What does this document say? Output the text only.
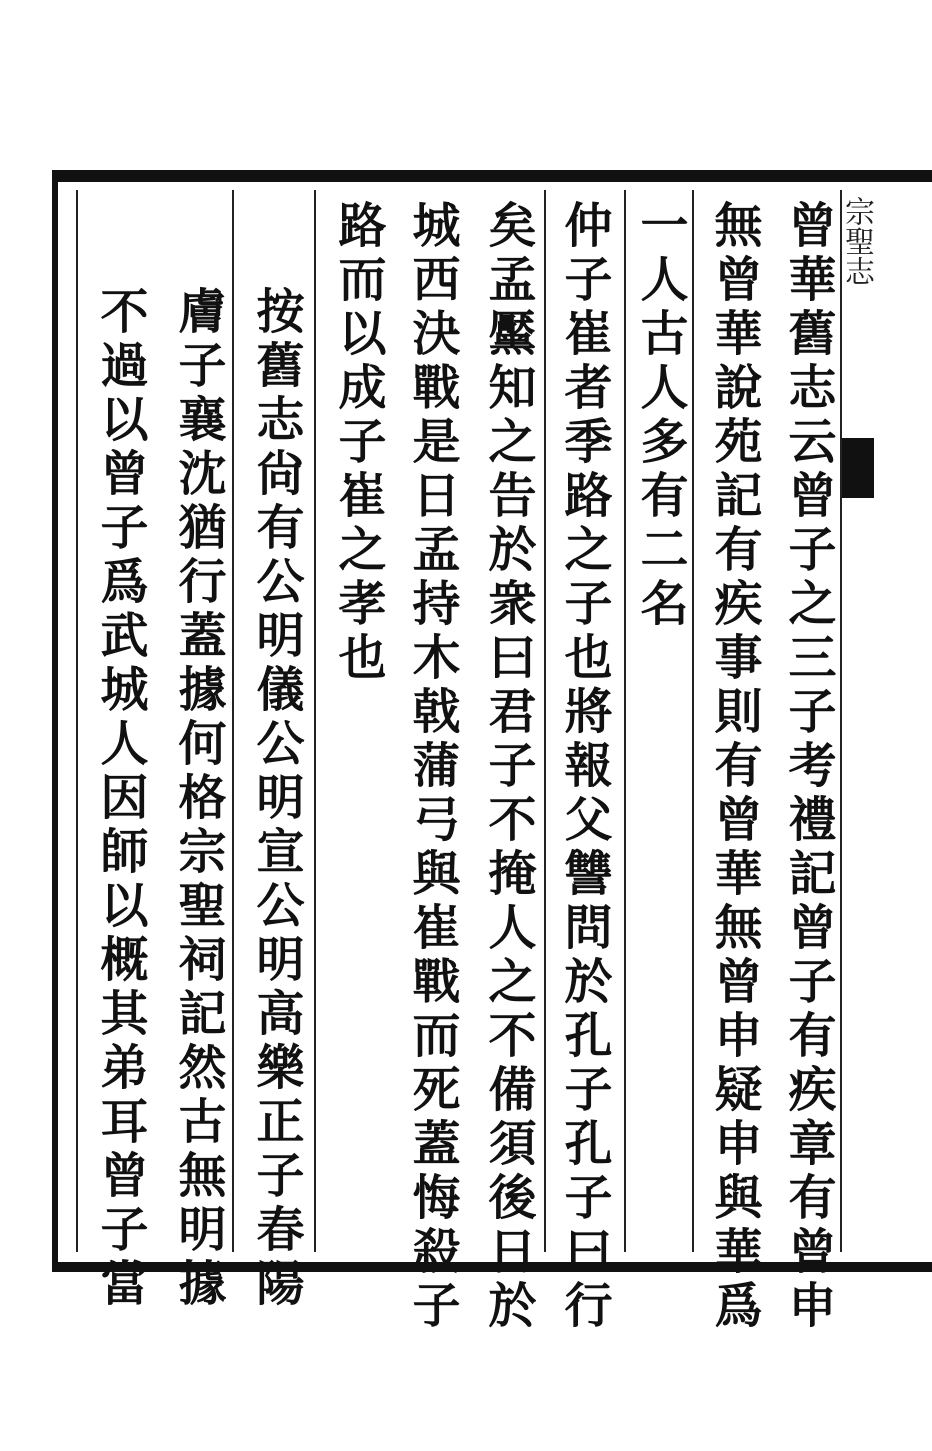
宗聖志
曾華舊志云曾子之三子考禮記曾子有疾章有曾申
無曾華說苑記有疾事則有曾華無曾申疑申與華爲
一人古人多有二名
仲子崔者季路之子也將報父讐問於孔子孔子曰行
矣孟黶知之告於衆曰君子不掩人之不備須後日於
城西決戰是日孟持木戟蒲弓與崔戰而死蓋悔殺子
路而以成子崔之孝也
按舊志尙有公明儀公明宣公明高樂正子春陽
膚子襄沈猶行蓋據何格宗聖祠記然古無明據
不過以曾子爲武城人因師以概其弟耳曾子當
